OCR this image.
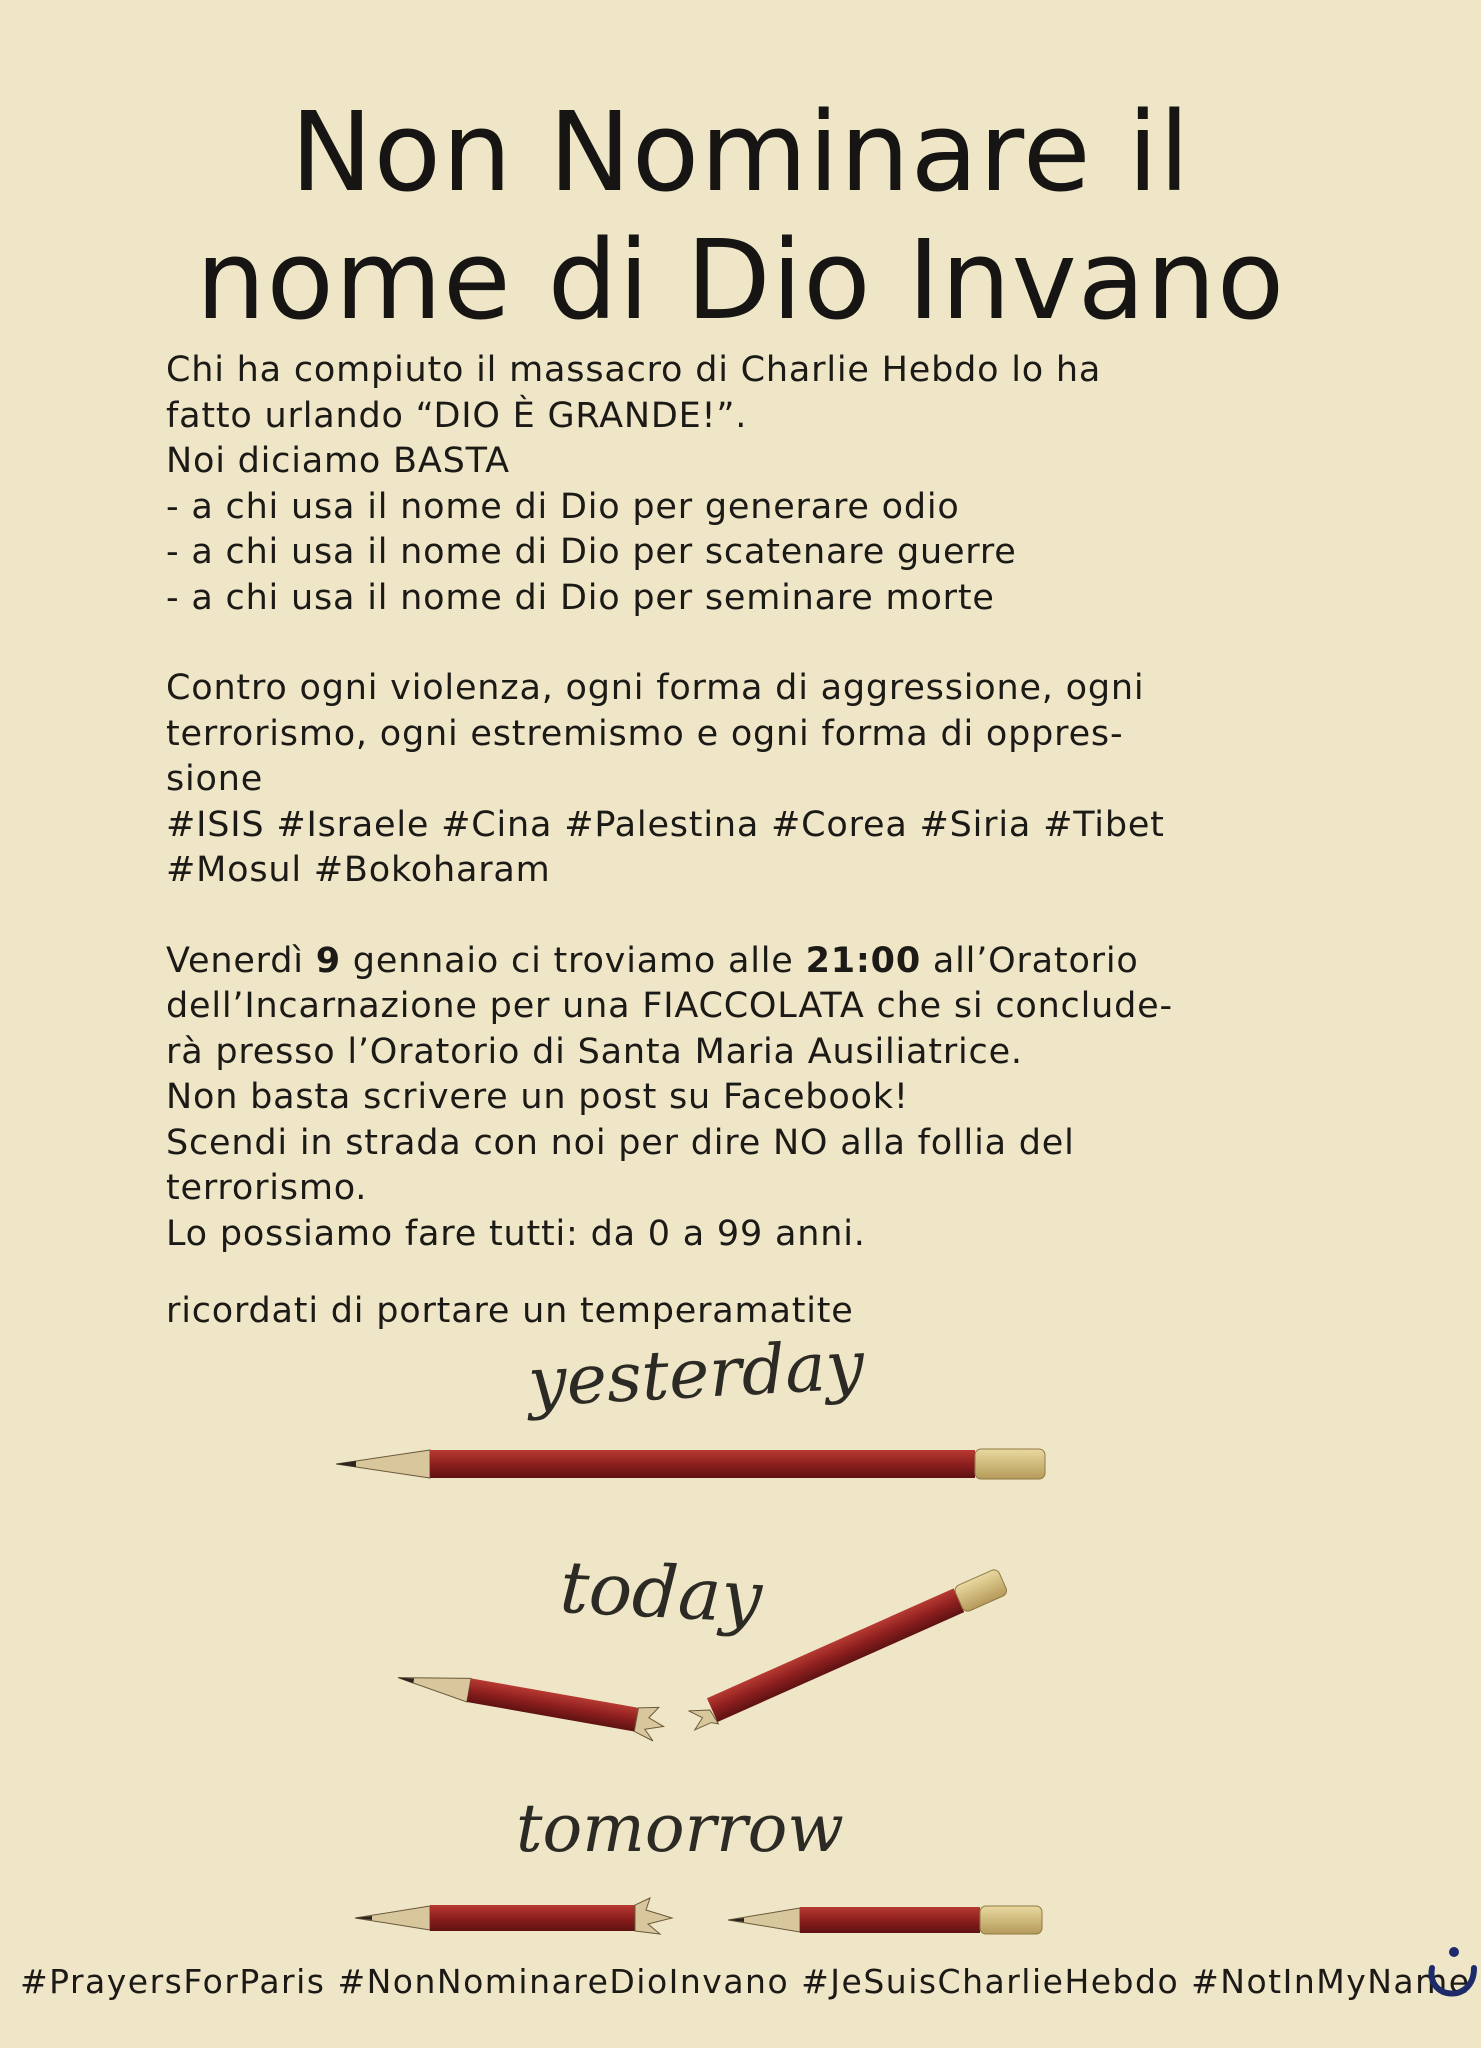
Non Nominare il
nome di Dio Invano

Chi ha compiuto il massacro di Charlie Hebdo lo ha

fatto urlando “DIO È GRANDE!”.

Noi diciamo BASTA

- a chi usa il nome di Dio per generare odio

- a chi usa il nome di Dio per scatenare guerre

- a chi usa il nome di Dio per seminare morte

Contro ogni violenza, ogni forma di aggressione, ogni

terrorismo, ogni estremismo e ogni forma di oppres-

sione

#ISIS #Israele #Cina #Palestina #Corea #Siria #Tibet

#Mosul #Bokoharam

Venerdì 9 gennaio ci troviamo alle 21:00 all’Oratorio

dell’Incarnazione per una FIACCOLATA che si conclude-

rà presso l’Oratorio di Santa Maria Ausiliatrice.

Non basta scrivere un post su Facebook!

Scendi in strada con noi per dire NO alla follia del

terrorismo.

Lo possiamo fare tutti: da 0 a 99 anni.

ricordati di portare un temperamatite

yesterday
today
tomorrow
#PrayersForParis #NonNominareDioInvano #JeSuisCharlieHebdo #NotInMyName
